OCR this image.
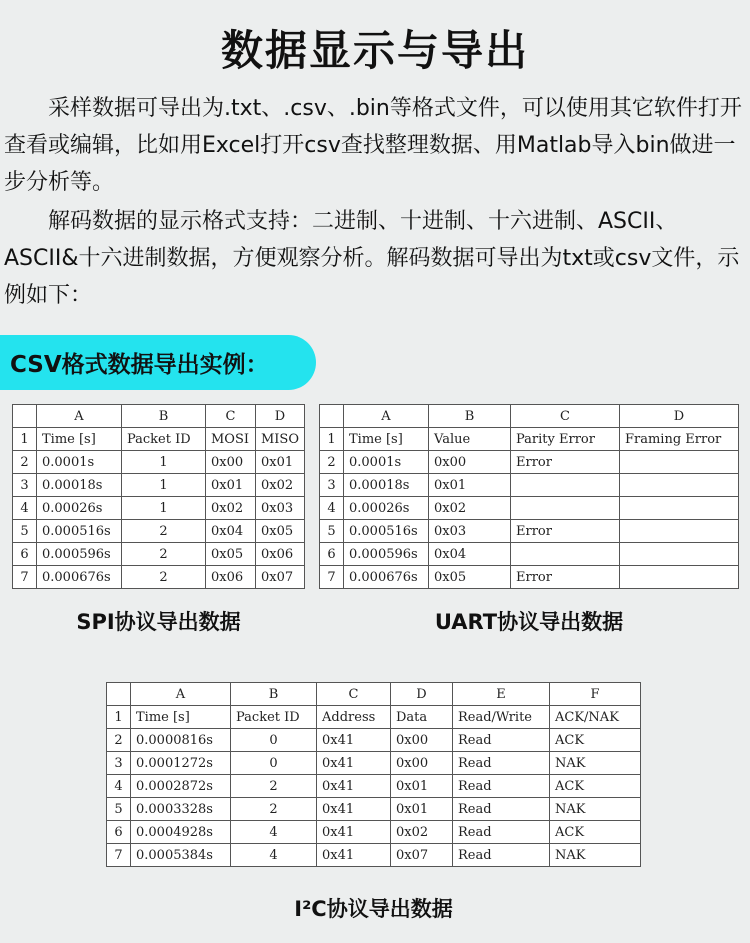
数据显示与导出
采样数据可导出为.txt、.csv、.bin等格式文件，可以使用其它软件打开查看或编辑，比如用Excel打开csv查找整理数据、用Matlab导入bin做进一步分析等。
解码数据的显示格式支持：二进制、十进制、十六进制、ASCII、ASCII&十六进制数据，方便观察分析。解码数据可导出为txt或csv文件，示例如下：
CSV格式数据导出实例：
	A	B	C	D
1	Time [s]	Packet ID	MOSI	MISO
2	0.0001s	1	0x00	0x01
3	0.00018s	1	0x01	0x02
4	0.00026s	1	0x02	0x03
5	0.000516s	2	0x04	0x05
6	0.000596s	2	0x05	0x06
7	0.000676s	2	0x06	0x07
SPI协议导出数据
	A	B	C	D
1	Time [s]	Value	Parity Error	Framing Error
2	0.0001s	0x00	Error	
3	0.00018s	0x01		
4	0.00026s	0x02		
5	0.000516s	0x03	Error	
6	0.000596s	0x04		
7	0.000676s	0x05	Error	
UART协议导出数据
	A	B	C	D	E	F
1	Time [s]	Packet ID	Address	Data	Read/Write	ACK/NAK
2	0.0000816s	0	0x41	0x00	Read	ACK
3	0.0001272s	0	0x41	0x00	Read	NAK
4	0.0002872s	2	0x41	0x01	Read	ACK
5	0.0003328s	2	0x41	0x01	Read	NAK
6	0.0004928s	4	0x41	0x02	Read	ACK
7	0.0005384s	4	0x41	0x07	Read	NAK
I²C协议导出数据
